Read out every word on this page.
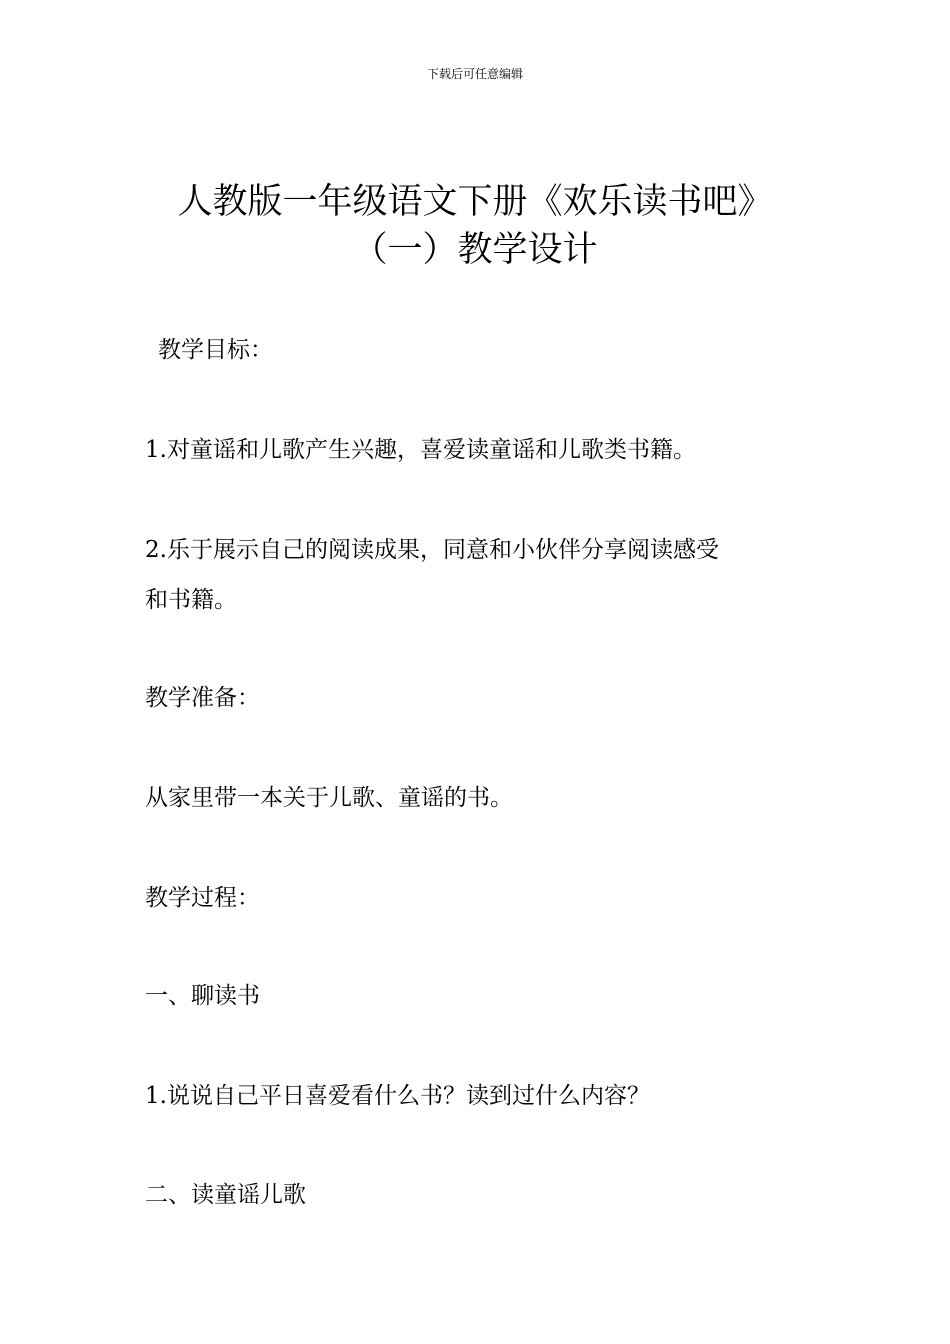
下载后可任意编辑
人教版一年级语文下册《欢乐读书吧》
（一）教学设计

教学目标：

1.对童谣和儿歌产生兴趣，喜爱读童谣和儿歌类书籍。

2.乐于展示自己的阅读成果，同意和小伙伴分享阅读感受

和书籍。

教学准备：

从家里带一本关于儿歌、童谣的书。

教学过程：

一、聊读书

1.说说自己平日喜爱看什么书？读到过什么内容？

二、读童谣儿歌
